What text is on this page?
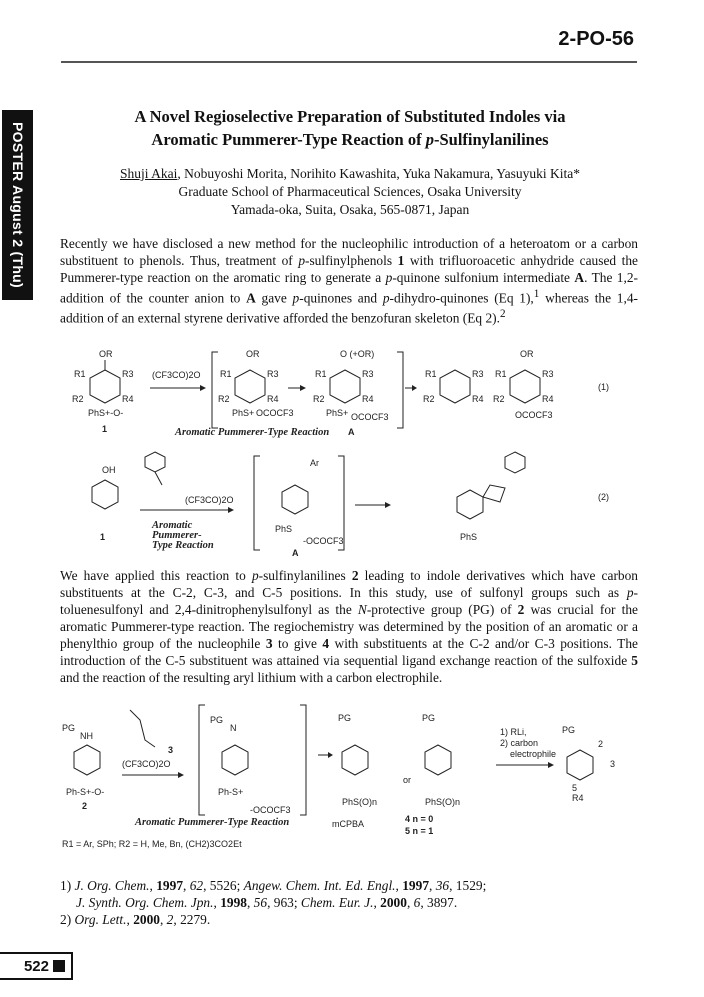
2-PO-56
POSTER August 2 (Thu)
A Novel Regioselective Preparation of Substituted Indoles via
Aromatic Pummerer-Type Reaction of p-Sulfinylanilines
Shuji Akai, Nobuyoshi Morita, Norihito Kawashita, Yuka Nakamura, Yasuyuki Kita*
Graduate School of Pharmaceutical Sciences, Osaka University
Yamada-oka, Suita, Osaka, 565-0871, Japan
Recently we have disclosed a new method for the nucleophilic introduction of a heteroatom or a carbon substituent to phenols. Thus, treatment of p-sulfinylphenols 1 with trifluoroacetic anhydride caused the Pummerer-type reaction on the aromatic ring to generate a p-quinone sulfonium intermediate A. The 1,2-addition of the counter anion to A gave p-quinones and p-dihydro-quinones (Eq 1),$^1$ whereas the 1,4-addition of an external styrene derivative afforded the benzofuran skeleton (Eq 2).$^2$
OR
R1	R3
R2	R4
PhS+-O-
1
(CF3CO)2O
OR
R1	R3
R2	R4
PhS+ OCOCF3
O (+OR)
R1	R3
R2	R4
PhS+ OCOCF3
A
Aromatic Pummerer-Type Reaction
R1	R3
R2	R4
OR
R1	R3
R2	R4
OCOCF3
(1)
OH
1
(CF3CO)2O
Aromatic
Pummerer-
Type Reaction
Ar
PhS
-OCOCF3
A
PhS
(2)
We have applied this reaction to p-sulfinylanilines 2 leading to indole derivatives which have carbon substituents at the C-2, C-3, and C-5 positions. In this study, use of sulfonyl groups such as p-toluenesulfonyl and 2,4-dinitrophenylsulfonyl as the N-protective group (PG) of 2 was crucial for the aromatic Pummerer-type reaction. The regiochemistry was determined by the position of an aromatic or a phenylthio group of the nucleophile 3 to give 4 with substituents at the C-2 and/or C-3 positions. The introduction of the C-5 substituent was attained via sequential ligand exchange reaction of the sulfoxide 5 and the reaction of the resulting aryl lithium with a carbon electrophile.
PG
NH
Ph-S+-O-
2
3
(CF3CO)2O
PG
N
Ph-S+
-OCOCF3
Aromatic Pummerer-Type Reaction
PG
PhS(O)n
or
PG
PhS(O)n
mCPBA	4 n = 0
5 n = 1
1) RLi,
2) carbon
electrophile
PG
2
3
5
R4
R1 = Ar, SPh; R2 = H, Me, Bn, (CH2)3CO2Et
1) J. Org. Chem., 1997, 62, 5526; Angew. Chem. Int. Ed. Engl., 1997, 36, 1529;
J. Synth. Org. Chem. Jpn., 1998, 56, 963; Chem. Eur. J., 2000, 6, 3897.
2) Org. Lett., 2000, 2, 2279.
522
